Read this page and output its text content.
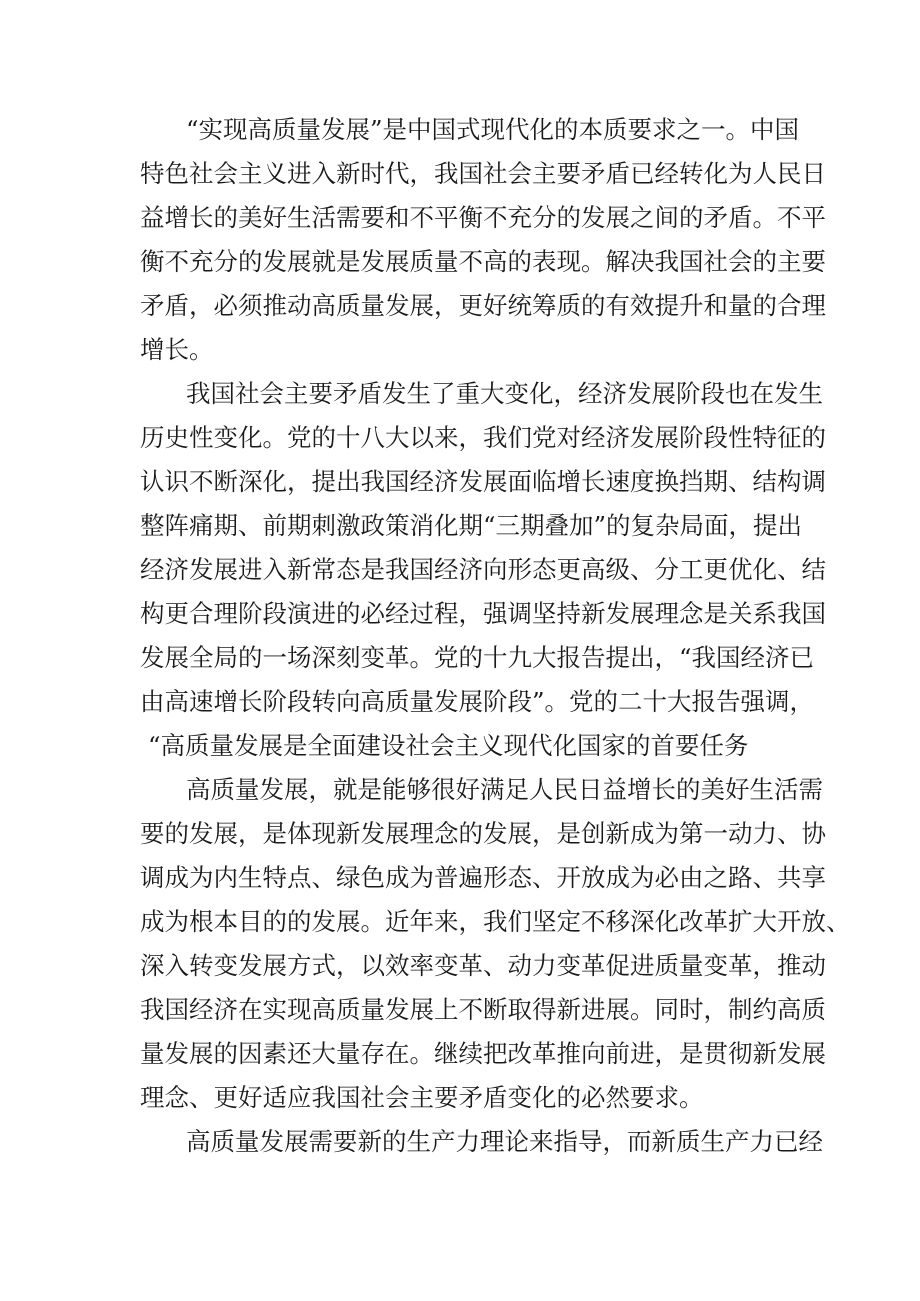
“实现高质量发展”是中国式现代化的本质要求之一。中国
特色社会主义进入新时代，我国社会主要矛盾已经转化为人民日
益增长的美好生活需要和不平衡不充分的发展之间的矛盾。不平
衡不充分的发展就是发展质量不高的表现。解决我国社会的主要
矛盾，必须推动高质量发展，更好统筹质的有效提升和量的合理
增长。
我国社会主要矛盾发生了重大变化，经济发展阶段也在发生
历史性变化。党的十八大以来，我们党对经济发展阶段性特征的
认识不断深化，提出我国经济发展面临增长速度换挡期、结构调
整阵痛期、前期刺激政策消化期“三期叠加”的复杂局面，提出
经济发展进入新常态是我国经济向形态更高级、分工更优化、结
构更合理阶段演进的必经过程，强调坚持新发展理念是关系我国
发展全局的一场深刻变革。党的十九大报告提出，“我国经济已
由高速增长阶段转向高质量发展阶段”。党的二十大报告强调，
“高质量发展是全面建设社会主义现代化国家的首要任务
高质量发展，就是能够很好满足人民日益增长的美好生活需
要的发展，是体现新发展理念的发展，是创新成为第一动力、协
调成为内生特点、绿色成为普遍形态、开放成为必由之路、共享
成为根本目的的发展。近年来，我们坚定不移深化改革扩大开放、
深入转变发展方式，以效率变革、动力变革促进质量变革，推动
我国经济在实现高质量发展上不断取得新进展。同时，制约高质
量发展的因素还大量存在。继续把改革推向前进，是贯彻新发展
理念、更好适应我国社会主要矛盾变化的必然要求。
高质量发展需要新的生产力理论来指导，而新质生产力已经
